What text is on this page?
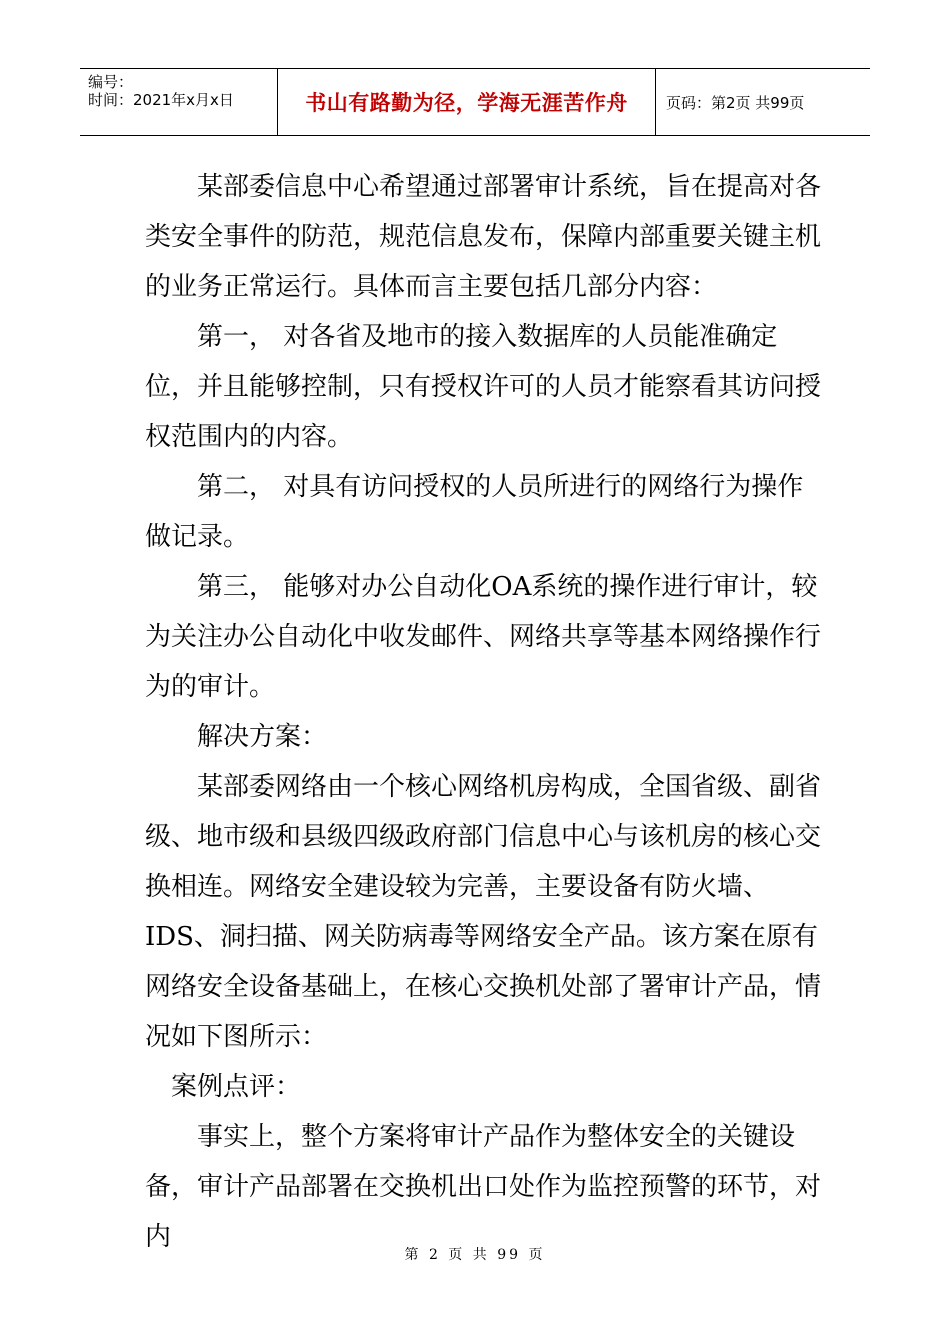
编号：
时间：2021年x月x日	书山有路勤为径，学海无涯苦作舟	页码：第2页 共99页

某部委信息中心希望通过部署审计系统，旨在提高对各类安全事件的防范，规范信息发布，保障内部重要关键主机的业务正常运行。具体而言主要包括几部分内容：

第一， 对各省及地市的接入数据库的人员能准确定位，并且能够控制，只有授权许可的人员才能察看其访问授权范围内的内容。

第二， 对具有访问授权的人员所进行的网络行为操作做记录。

第三， 能够对办公自动化OA系统的操作进行审计，较为关注办公自动化中收发邮件、网络共享等基本网络操作行为的审计。

解决方案：

某部委网络由一个核心网络机房构成，全国省级、副省级、地市级和县级四级政府部门信息中心与该机房的核心交换相连。网络安全建设较为完善，主要设备有防火墙、IDS、洞扫描、网关防病毒等网络安全产品。该方案在原有网络安全设备基础上，在核心交换机处部了署审计产品，情况如下图所示：

案例点评：

事实上，整个方案将审计产品作为整体安全的关键设备，审计产品部署在交换机出口处作为监控预警的环节，对内

第 2 页 共 99 页
